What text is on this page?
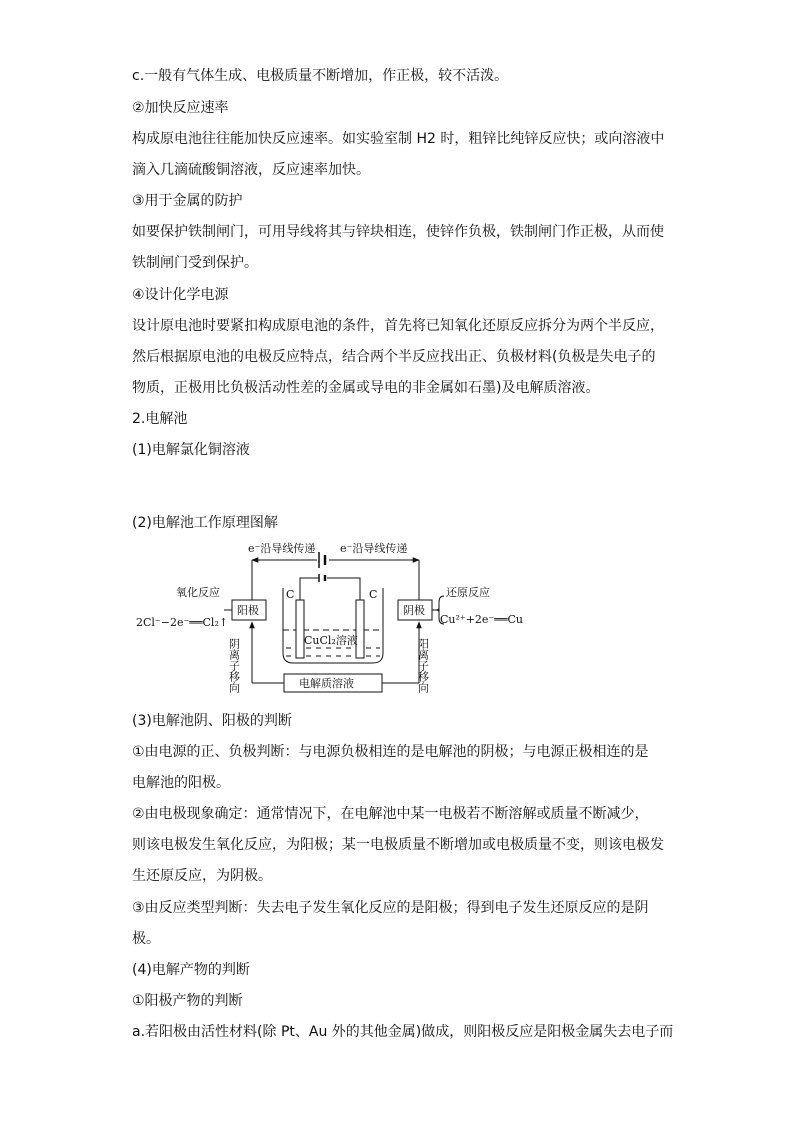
c.一般有气体生成、电极质量不断增加，作正极，较不活泼。
②加快反应速率
构成原电池往往能加快反应速率。如实验室制 H2 时，粗锌比纯锌反应快；或向溶液中
滴入几滴硫酸铜溶液，反应速率加快。
③用于金属的防护
如要保护铁制闸门，可用导线将其与锌块相连，使锌作负极，铁制闸门作正极，从而使
铁制闸门受到保护。
④设计化学电源
设计原电池时要紧扣构成原电池的条件，首先将已知氧化还原反应拆分为两个半反应，
然后根据原电池的电极反应特点，结合两个半反应找出正、负极材料(负极是失电子的
物质，正极用比负极活动性差的金属或导电的非金属如石墨)及电解质溶液。
2.电解池
(1)电解氯化铜溶液
(2)电解池工作原理图解
e⁻沿导线传递 e⁻沿导线传递
氧化反应
2Cl⁻−2e⁻══Cl₂↑
阳极	阴极
还原反应
Cu²⁺+2e⁻══Cu
C	C
CuCl₂溶液
电解质溶液
阴离子移向	阳离子移向
(3)电解池阴、阳极的判断
①由电源的正、负极判断：与电源负极相连的是电解池的阴极；与电源正极相连的是
电解池的阳极。
②由电极现象确定：通常情况下，在电解池中某一电极若不断溶解或质量不断减少，
则该电极发生氧化反应，为阳极；某一电极质量不断增加或电极质量不变，则该电极发
生还原反应，为阴极。
③由反应类型判断：失去电子发生氧化反应的是阳极；得到电子发生还原反应的是阴
极。
(4)电解产物的判断
①阳极产物的判断
a.若阳极由活性材料(除 Pt、Au 外的其他金属)做成，则阳极反应是阳极金属失去电子而
